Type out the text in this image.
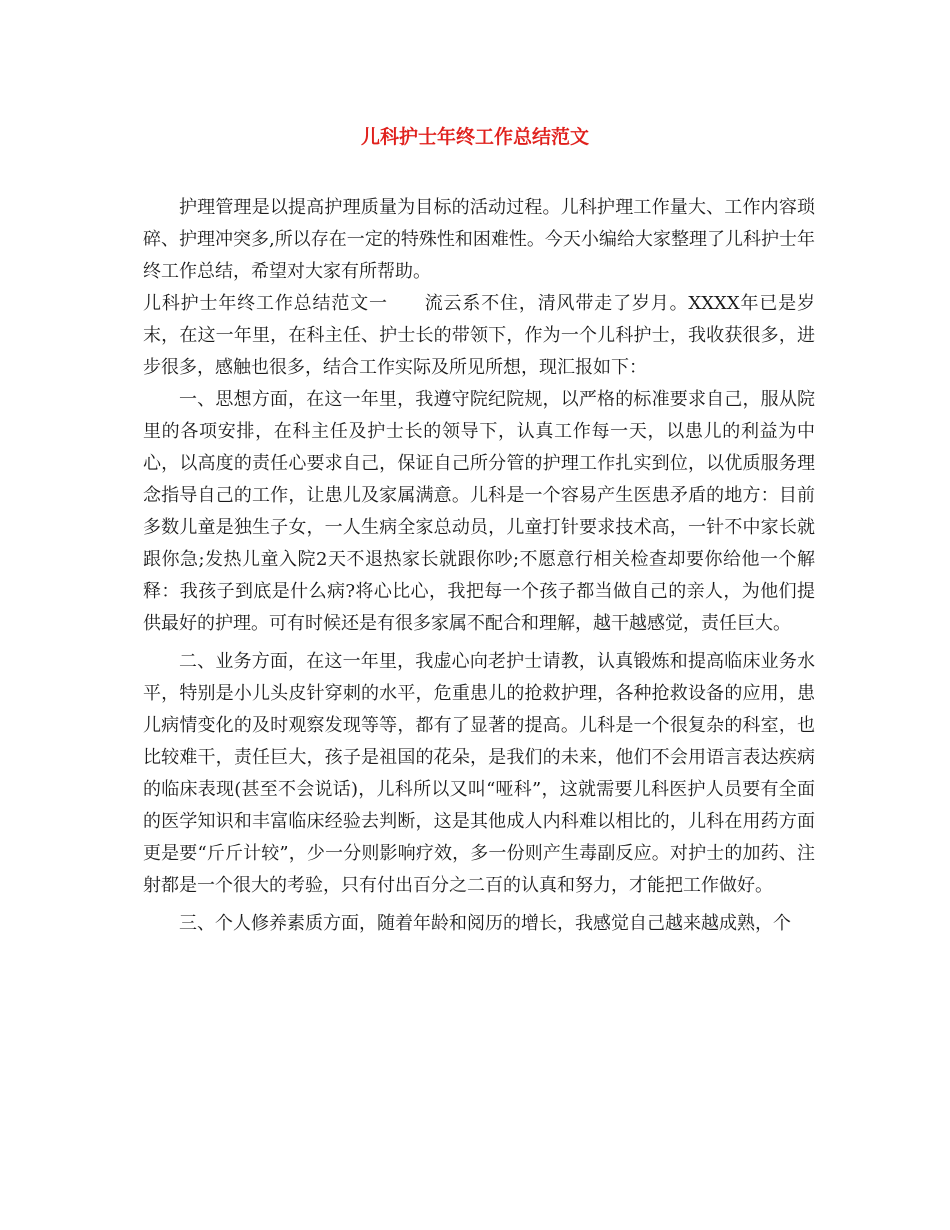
儿科护士年终工作总结范文

护理管理是以提高护理质量为目标的活动过程。儿科护理工作量大、工作内容琐碎、护理冲突多,所以存在一定的特殊性和困难性。今天小编给大家整理了儿科护士年终工作总结，希望对大家有所帮助。

儿科护士年终工作总结范文一 流云系不住，清风带走了岁月。XXXX年已是岁末，在这一年里，在科主任、护士长的带领下，作为一个儿科护士，我收获很多，进步很多，感触也很多，结合工作实际及所见所想，现汇报如下：

一、思想方面，在这一年里，我遵守院纪院规，以严格的标准要求自己，服从院里的各项安排，在科主任及护士长的领导下，认真工作每一天，以患儿的利益为中心，以高度的责任心要求自己，保证自己所分管的护理工作扎实到位，以优质服务理念指导自己的工作，让患儿及家属满意。儿科是一个容易产生医患矛盾的地方：目前多数儿童是独生子女，一人生病全家总动员，儿童打针要求技术高，一针不中家长就跟你急;发热儿童入院2天不退热家长就跟你吵;不愿意行相关检查却要你给他一个解释：我孩子到底是什么病?将心比心，我把每一个孩子都当做自己的亲人，为他们提供最好的护理。可有时候还是有很多家属不配合和理解，越干越感觉，责任巨大。

二、业务方面，在这一年里，我虚心向老护士请教，认真锻炼和提高临床业务水平，特别是小儿头皮针穿刺的水平，危重患儿的抢救护理，各种抢救设备的应用，患儿病情变化的及时观察发现等等，都有了显著的提高。儿科是一个很复杂的科室，也比较难干，责任巨大，孩子是祖国的花朵，是我们的未来，他们不会用语言表达疾病的临床表现(甚至不会说话)，儿科所以又叫“哑科”，这就需要儿科医护人员要有全面的医学知识和丰富临床经验去判断，这是其他成人内科难以相比的，儿科在用药方面更是要“斤斤计较”，少一分则影响疗效，多一份则产生毒副反应。对护士的加药、注射都是一个很大的考验，只有付出百分之二百的认真和努力，才能把工作做好。

三、个人修养素质方面，随着年龄和阅历的增长，我感觉自己越来越成熟，个
